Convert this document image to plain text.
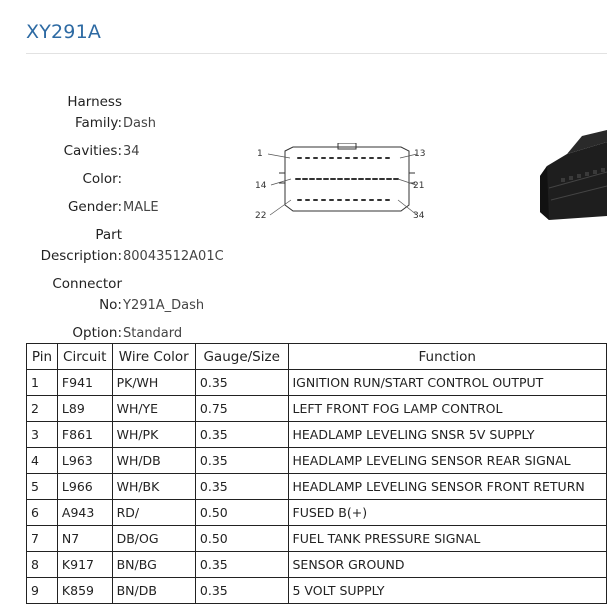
XY291A
Harness Family: Dash
Cavities: 34
Color:
Gender: MALE
Part Description: 80043512A01C
Connector No: Y291A_Dash
Option: Standard
1	13
14	21
22	34
Pin	Circuit	Wire Color	Gauge/Size	Function
1	F941	PK/WH	0.35	IGNITION RUN/START CONTROL OUTPUT
2	L89	WH/YE	0.75	LEFT FRONT FOG LAMP CONTROL
3	F861	WH/PK	0.35	HEADLAMP LEVELING SNSR 5V SUPPLY
4	L963	WH/DB	0.35	HEADLAMP LEVELING SENSOR REAR SIGNAL
5	L966	WH/BK	0.35	HEADLAMP LEVELING SENSOR FRONT RETURN
6	A943	RD/	0.50	FUSED B(+)
7	N7	DB/OG	0.50	FUEL TANK PRESSURE SIGNAL
8	K917	BN/BG	0.35	SENSOR GROUND
9	K859	BN/DB	0.35	5 VOLT SUPPLY
